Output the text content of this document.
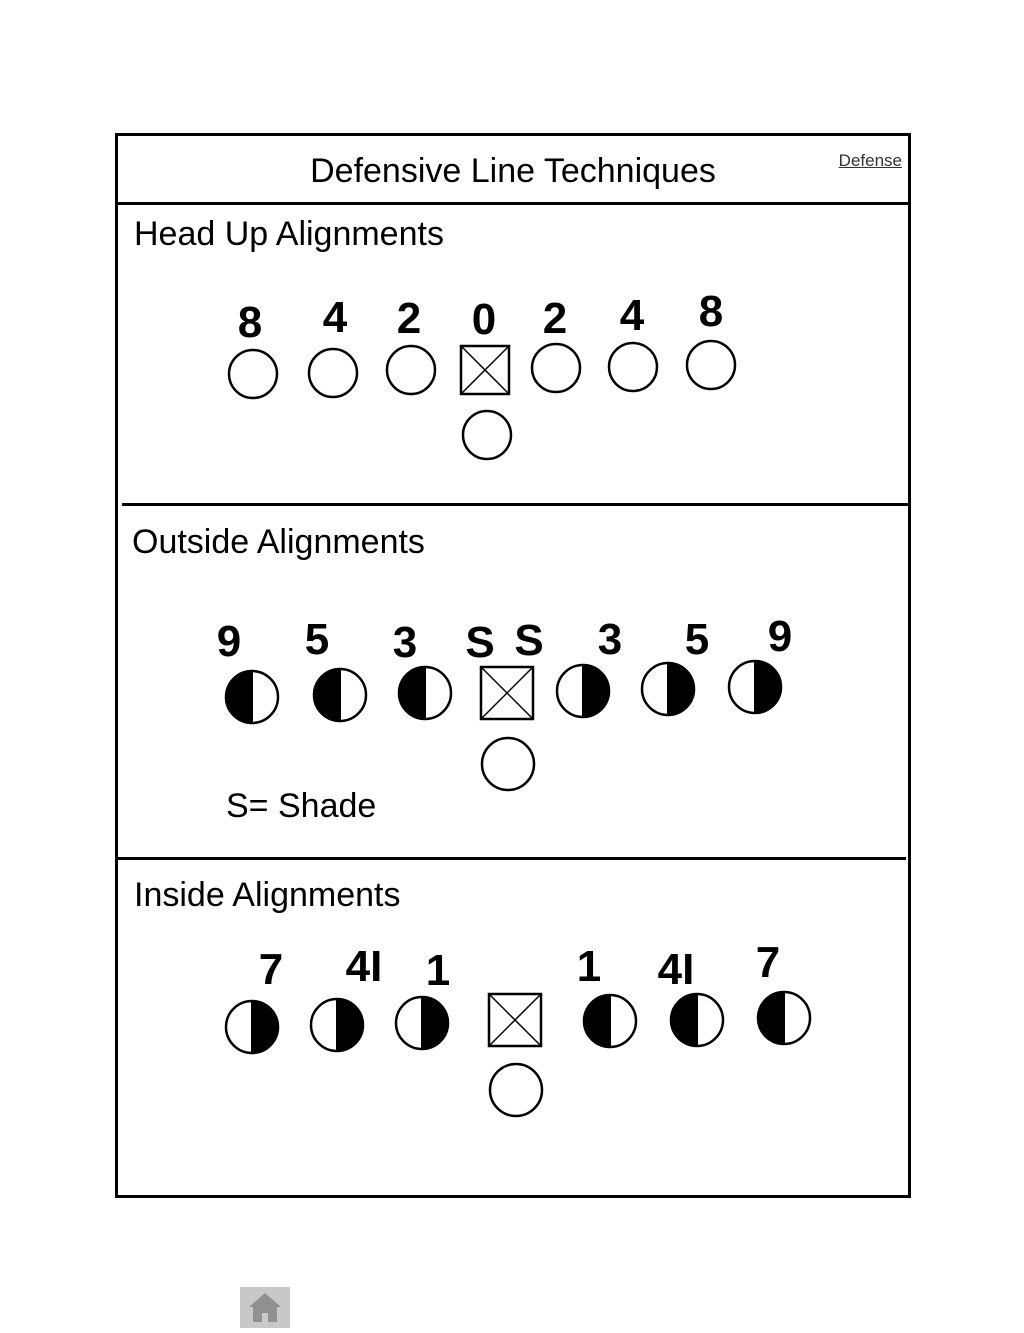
Defensive Line Techniques	Defense
Head Up Alignments
Outside Alignments
S= Shade
Inside Alignments
8 4 2 0 2 4 8
9 5 3 S S 3 5 9
7 4I 1	1 4I 7
